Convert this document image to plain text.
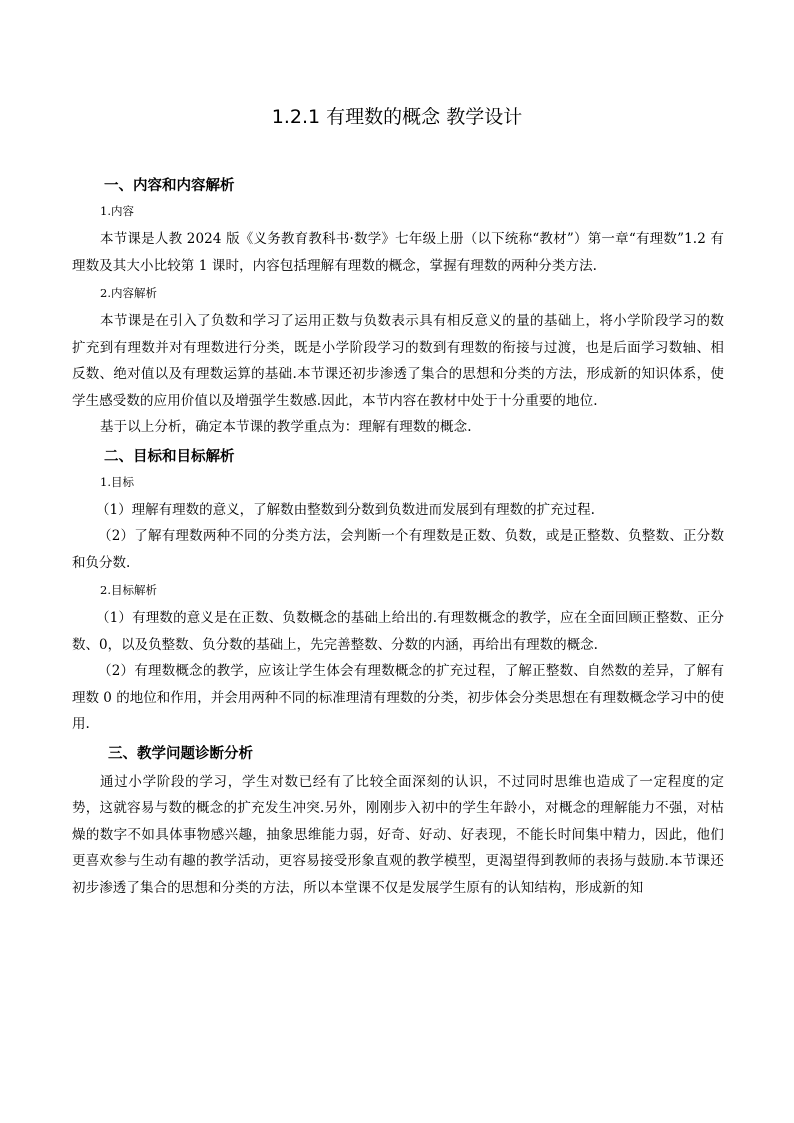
1.2.1 有理数的概念 教学设计
一、内容和内容解析
1.内容

本节课是人教 2024 版《义务教育教科书·数学》七年级上册（以下统称“教材”）第一章“有理数”1.2 有理数及其大小比较第 1 课时，内容包括理解有理数的概念，掌握有理数的两种分类方法.

2.内容解析

本节课是在引入了负数和学习了运用正数与负数表示具有相反意义的量的基础上，将小学阶段学习的数扩充到有理数并对有理数进行分类，既是小学阶段学习的数到有理数的衔接与过渡，也是后面学习数轴、相反数、绝对值以及有理数运算的基础.本节课还初步渗透了集合的思想和分类的方法，形成新的知识体系，使学生感受数的应用价值以及增强学生数感.因此，本节内容在教材中处于十分重要的地位.

基于以上分析，确定本节课的教学重点为：理解有理数的概念.

二、目标和目标解析
1.目标

（1）理解有理数的意义，了解数由整数到分数到负数进而发展到有理数的扩充过程.

（2）了解有理数两种不同的分类方法，会判断一个有理数是正数、负数，或是正整数、负整数、正分数和负分数.

2.目标解析

（1）有理数的意义是在正数、负数概念的基础上给出的.有理数概念的教学，应在全面回顾正整数、正分数、0，以及负整数、负分数的基础上，先完善整数、分数的内涵，再给出有理数的概念.

（2）有理数概念的教学，应该让学生体会有理数概念的扩充过程，了解正整数、自然数的差异，了解有理数 0 的地位和作用，并会用两种不同的标准理清有理数的分类，初步体会分类思想在有理数概念学习中的使用.

三、教学问题诊断分析

通过小学阶段的学习，学生对数已经有了比较全面深刻的认识，不过同时思维也造成了一定程度的定势，这就容易与数的概念的扩充发生冲突.另外，刚刚步入初中的学生年龄小，对概念的理解能力不强，对枯燥的数字不如具体事物感兴趣，抽象思维能力弱，好奇、好动、好表现，不能长时间集中精力，因此，他们更喜欢参与生动有趣的教学活动，更容易接受形象直观的教学模型，更渴望得到教师的表扬与鼓励.本节课还初步渗透了集合的思想和分类的方法，所以本堂课不仅是发展学生原有的认知结构，形成新的知
